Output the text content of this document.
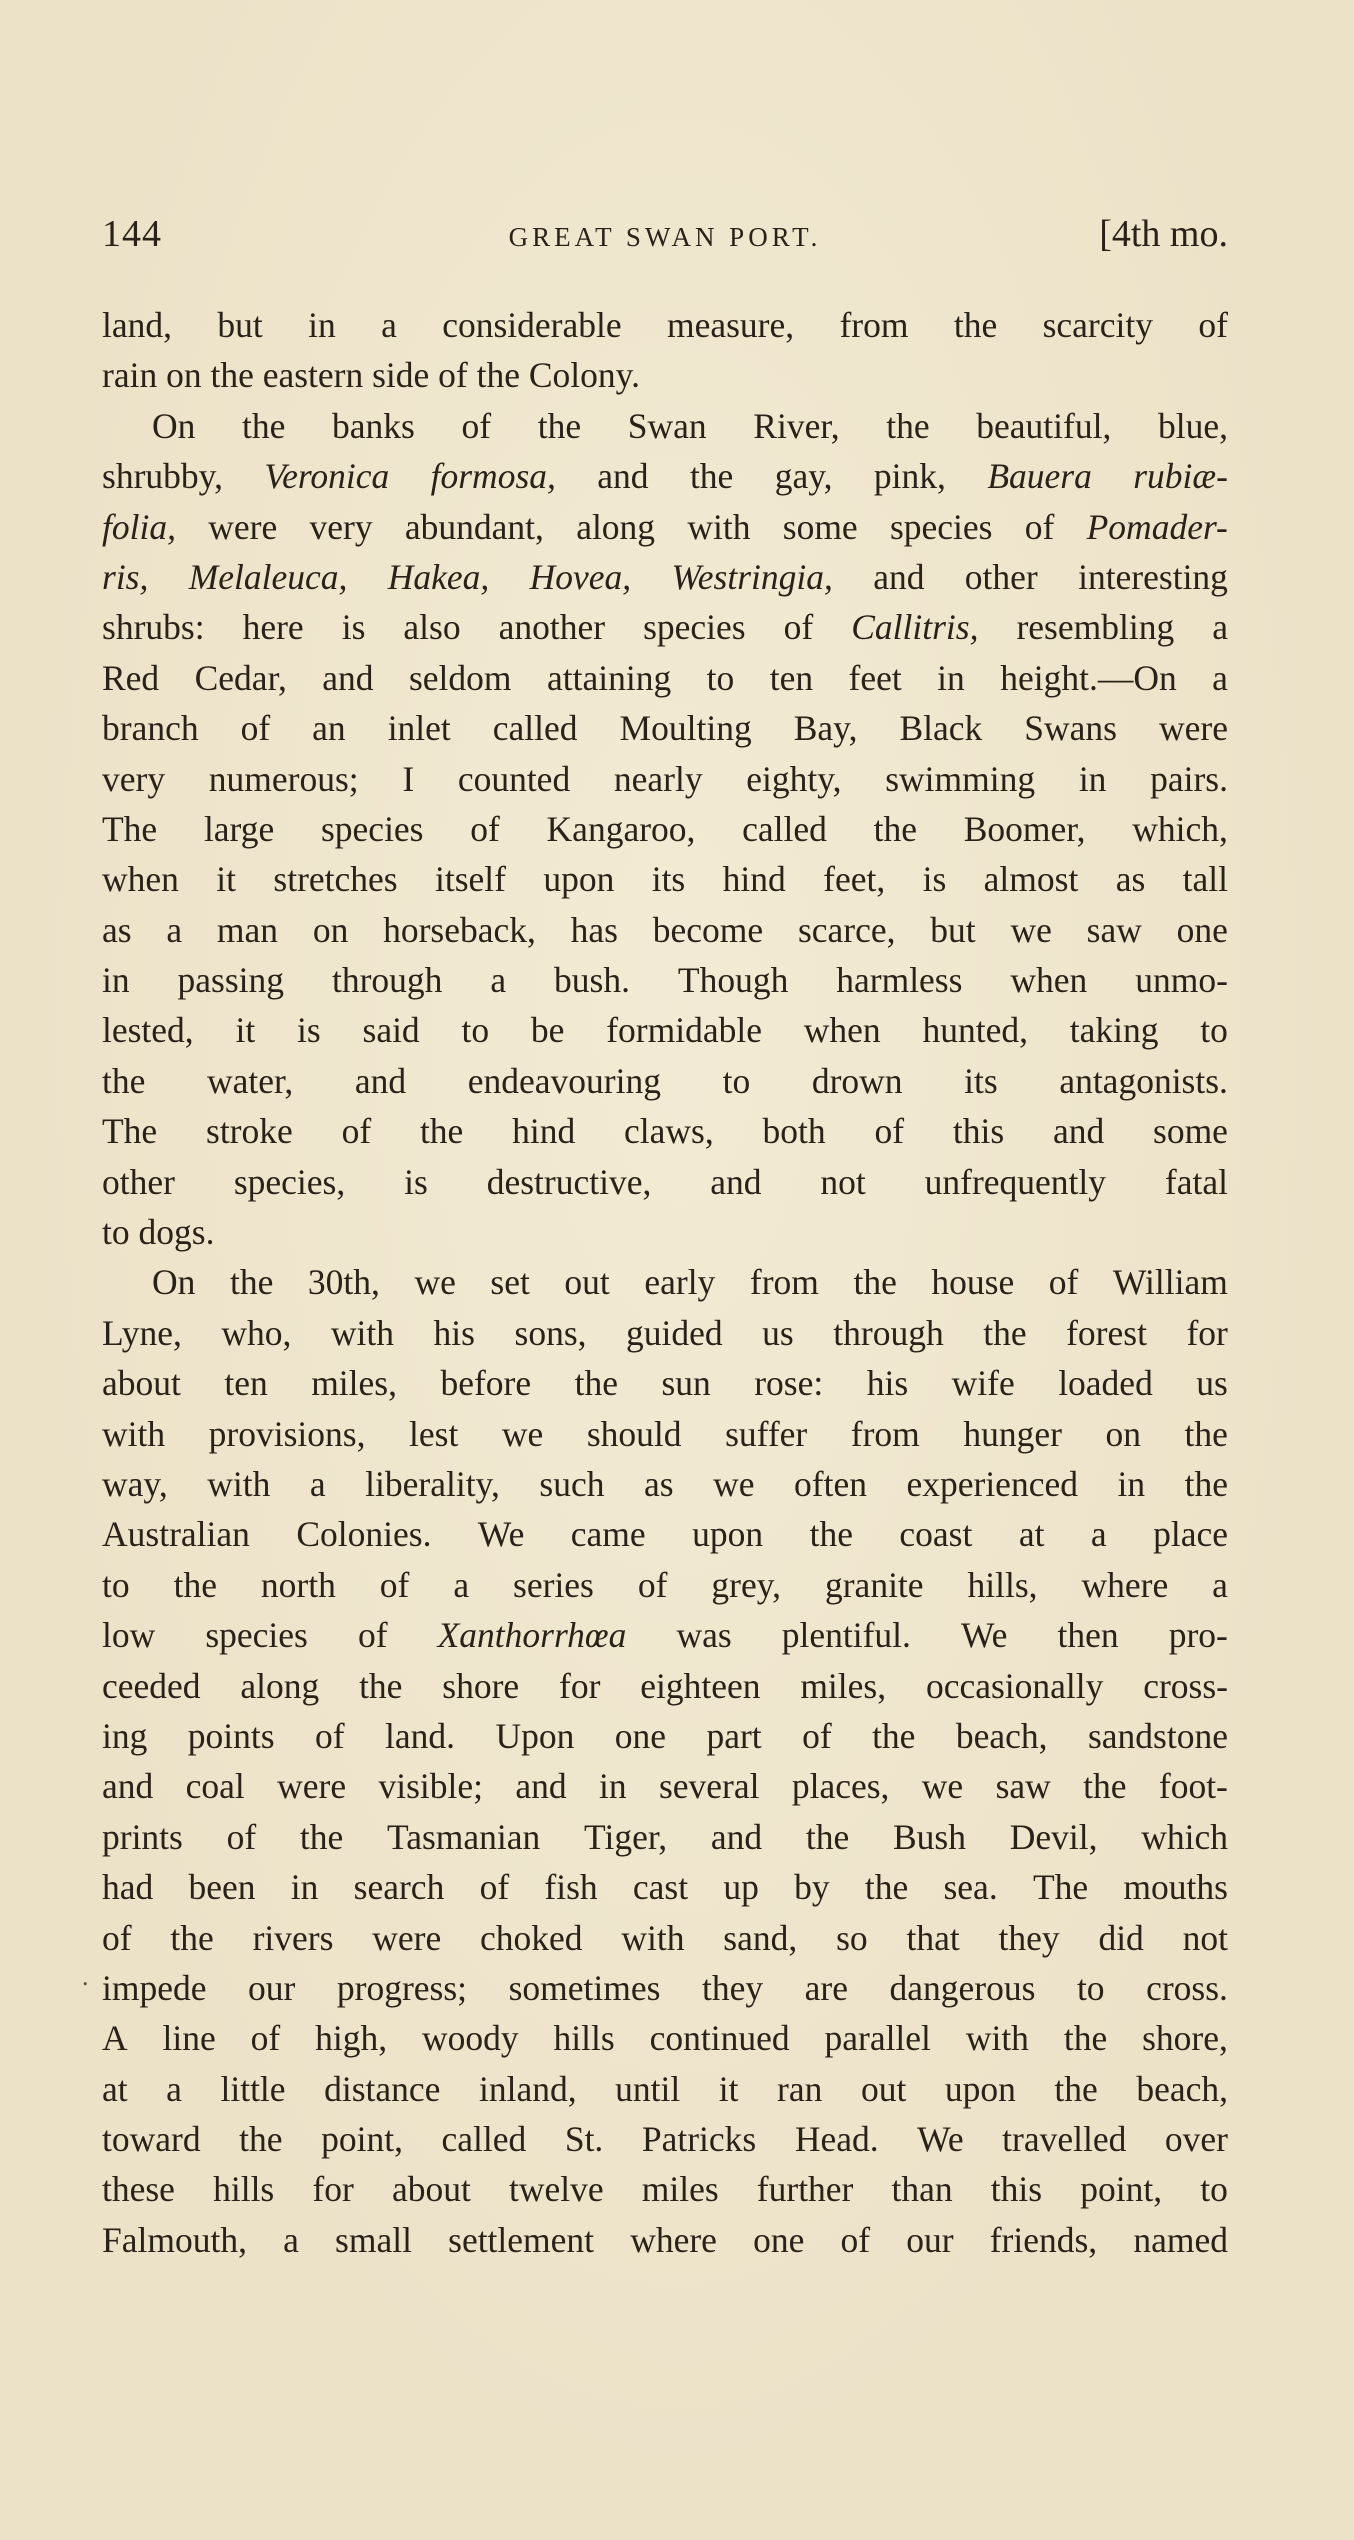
144	GREAT SWAN PORT.	[4th mo.
land, but in a considerable measure, from the scarcity of
rain on the eastern side of the Colony.
On the banks of the Swan River, the beautiful, blue,
shrubby, Veronica formosa, and the gay, pink, Bauera rubiæ-
folia, were very abundant, along with some species of Pomader-
ris, Melaleuca, Hakea, Hovea, Westringia, and other interesting
shrubs: here is also another species of Callitris, resembling a
Red Cedar, and seldom attaining to ten feet in height.—On a
branch of an inlet called Moulting Bay, Black Swans were
very numerous; I counted nearly eighty, swimming in pairs.
The large species of Kangaroo, called the Boomer, which,
when it stretches itself upon its hind feet, is almost as tall
as a man on horseback, has become scarce, but we saw one
in passing through a bush. Though harmless when unmo-
lested, it is said to be formidable when hunted, taking to
the water, and endeavouring to drown its antagonists.
The stroke of the hind claws, both of this and some
other species, is destructive, and not unfrequently fatal
to dogs.
On the 30th, we set out early from the house of William
Lyne, who, with his sons, guided us through the forest for
about ten miles, before the sun rose: his wife loaded us
with provisions, lest we should suffer from hunger on the
way, with a liberality, such as we often experienced in the
Australian Colonies. We came upon the coast at a place
to the north of a series of grey, granite hills, where a
low species of Xanthorrhœa was plentiful. We then pro-
ceeded along the shore for eighteen miles, occasionally cross-
ing points of land. Upon one part of the beach, sandstone
and coal were visible; and in several places, we saw the foot-
prints of the Tasmanian Tiger, and the Bush Devil, which
had been in search of fish cast up by the sea. The mouths
of the rivers were choked with sand, so that they did not
impede our progress; sometimes they are dangerous to cross.
A line of high, woody hills continued parallel with the shore,
at a little distance inland, until it ran out upon the beach,
toward the point, called St. Patricks Head. We travelled over
these hills for about twelve miles further than this point, to
Falmouth, a small settlement where one of our friends, named
.
